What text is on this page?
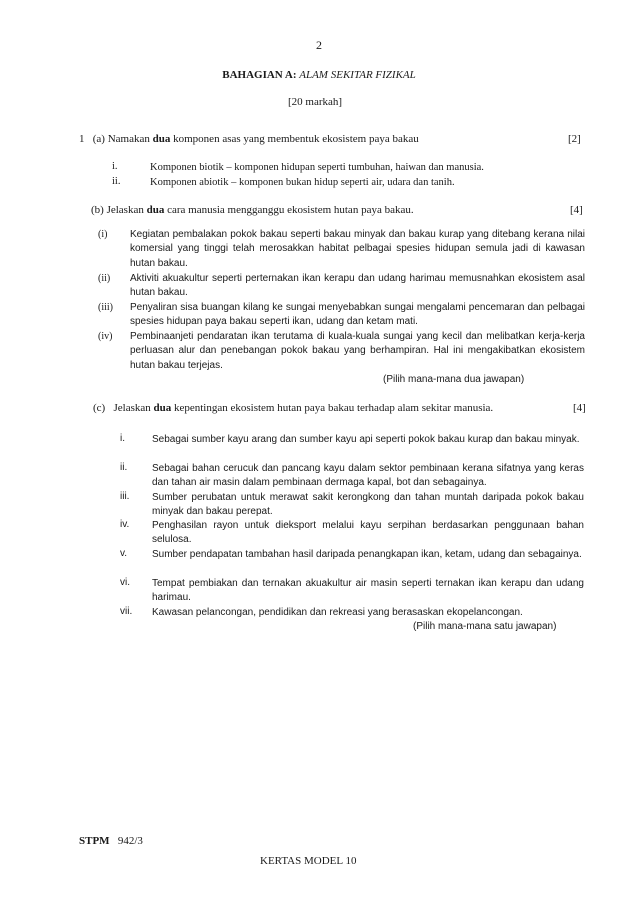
2
BAHAGIAN A: ALAM SEKITAR FIZIKAL
[20 markah]
1 (a) Namakan dua komponen asas yang membentuk ekosistem paya bakau	[2]
i.	Komponen biotik – komponen hidupan seperti tumbuhan, haiwan dan manusia.
ii.	Komponen abiotik – komponen bukan hidup seperti air, udara dan tanih.
(b) Jelaskan dua cara manusia mengganggu ekosistem hutan paya bakau.	[4]
(i) Kegiatan pembalakan pokok bakau seperti bakau minyak dan bakau kurap yang ditebang kerana nilai komersial yang tinggi telah merosakkan habitat pelbagai spesies hidupan semula jadi di kawasan hutan bakau.
(ii) Aktiviti akuakultur seperti perternakan ikan kerapu dan udang harimau memusnahkan ekosistem asal hutan bakau.
(iii) Penyaliran sisa buangan kilang ke sungai menyebabkan sungai mengalami pencemaran dan pelbagai spesies hidupan paya bakau seperti ikan, udang dan ketam mati.
(iv) Pembinaanjeti pendaratan ikan terutama di kuala-kuala sungai yang kecil dan melibatkan kerja-kerja perluasan alur dan penebangan pokok bakau yang berhampiran. Hal ini mengakibatkan ekosistem hutan bakau terjejas.
(Pilih mana-mana dua jawapan)
(c) Jelaskan dua kepentingan ekosistem hutan paya bakau terhadap alam sekitar manusia.	[4]
i.	Sebagai sumber kayu arang dan sumber kayu api seperti pokok bakau kurap dan bakau minyak.
ii. Sebagai bahan cerucuk dan pancang kayu dalam sektor pembinaan kerana sifatnya yang keras dan tahan air masin dalam pembinaan dermaga kapal, bot dan sebagainya.
iii. Sumber perubatan untuk merawat sakit kerongkong dan tahan muntah daripada pokok bakau minyak dan bakau perepat.
iv. Penghasilan rayon untuk dieksport melalui kayu serpihan berdasarkan penggunaan bahan selulosa.
v. Sumber pendapatan tambahan hasil daripada penangkapan ikan, ketam, udang dan sebagainya.
vi. Tempat pembiakan dan ternakan akuakultur air masin seperti ternakan ikan kerapu dan udang harimau.
vii. Kawasan pelancongan, pendidikan dan rekreasi yang berasaskan ekopelancongan.
(Pilih mana-mana satu jawapan)
STPM 942/3
KERTAS MODEL 10
